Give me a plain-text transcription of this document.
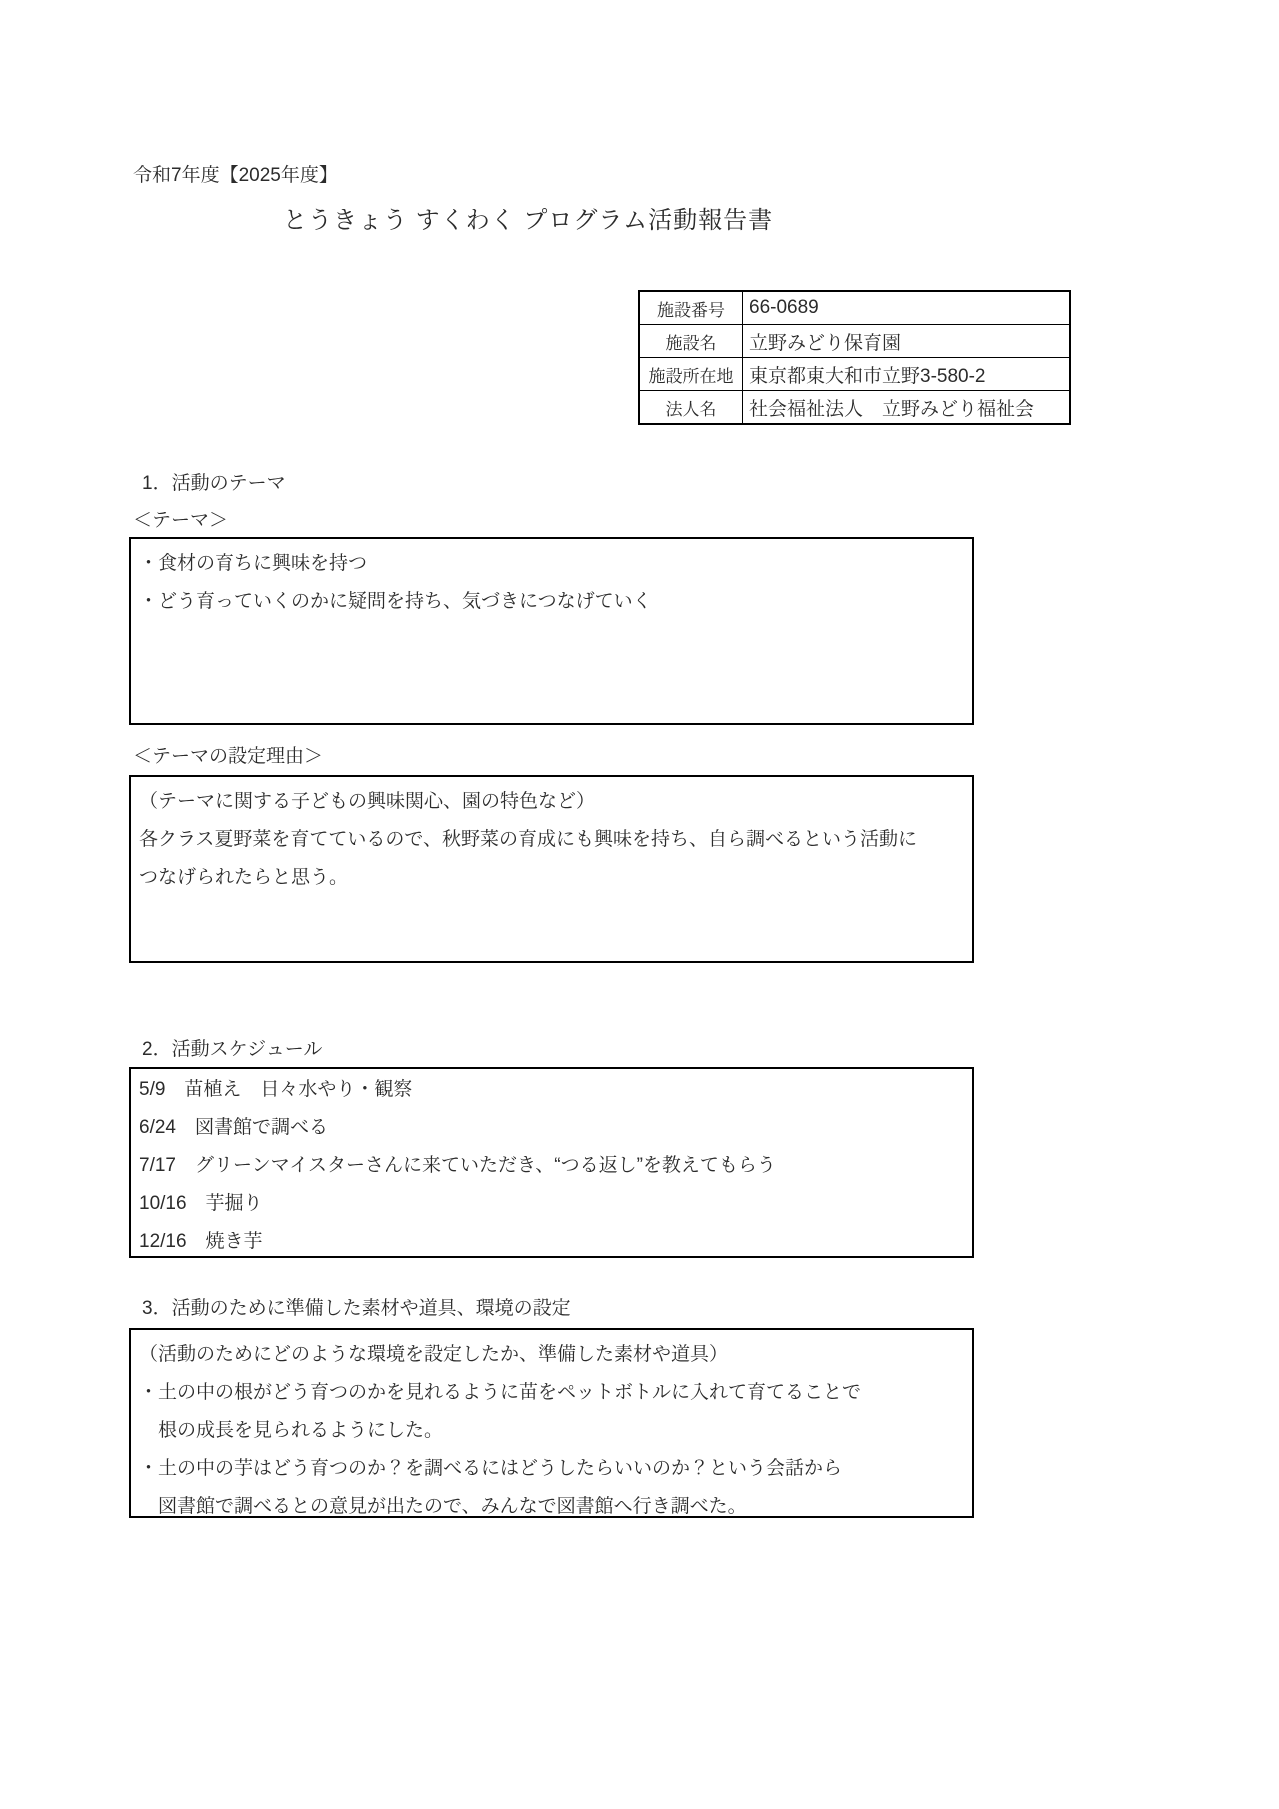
令和7年度【2025年度】
とうきょう すくわく プログラム活動報告書
施設番号	66-0689
施設名	立野みどり保育園
施設所在地	東京都東大和市立野3-580-2
法人名	社会福祉法人　立野みどり福祉会
1．活動のテーマ
＜テーマ＞
・食材の育ちに興味を持つ
・どう育っていくのかに疑問を持ち、気づきにつなげていく
＜テーマの設定理由＞
（テーマに関する子どもの興味関心、園の特色など）
各クラス夏野菜を育てているので、秋野菜の育成にも興味を持ち、自ら調べるという活動に
つなげられたらと思う。
2．活動スケジュール
5/9　苗植え　日々水やり・観察
6/24　図書館で調べる
7/17　グリーンマイスターさんに来ていただき、“つる返し”を教えてもらう
10/16　芋掘り
12/16　焼き芋
3．活動のために準備した素材や道具、環境の設定
（活動のためにどのような環境を設定したか、準備した素材や道具）
・土の中の根がどう育つのかを見れるように苗をペットボトルに入れて育てることで
　根の成長を見られるようにした。
・土の中の芋はどう育つのか？を調べるにはどうしたらいいのか？という会話から
　図書館で調べるとの意見が出たので、みんなで図書館へ行き調べた。
